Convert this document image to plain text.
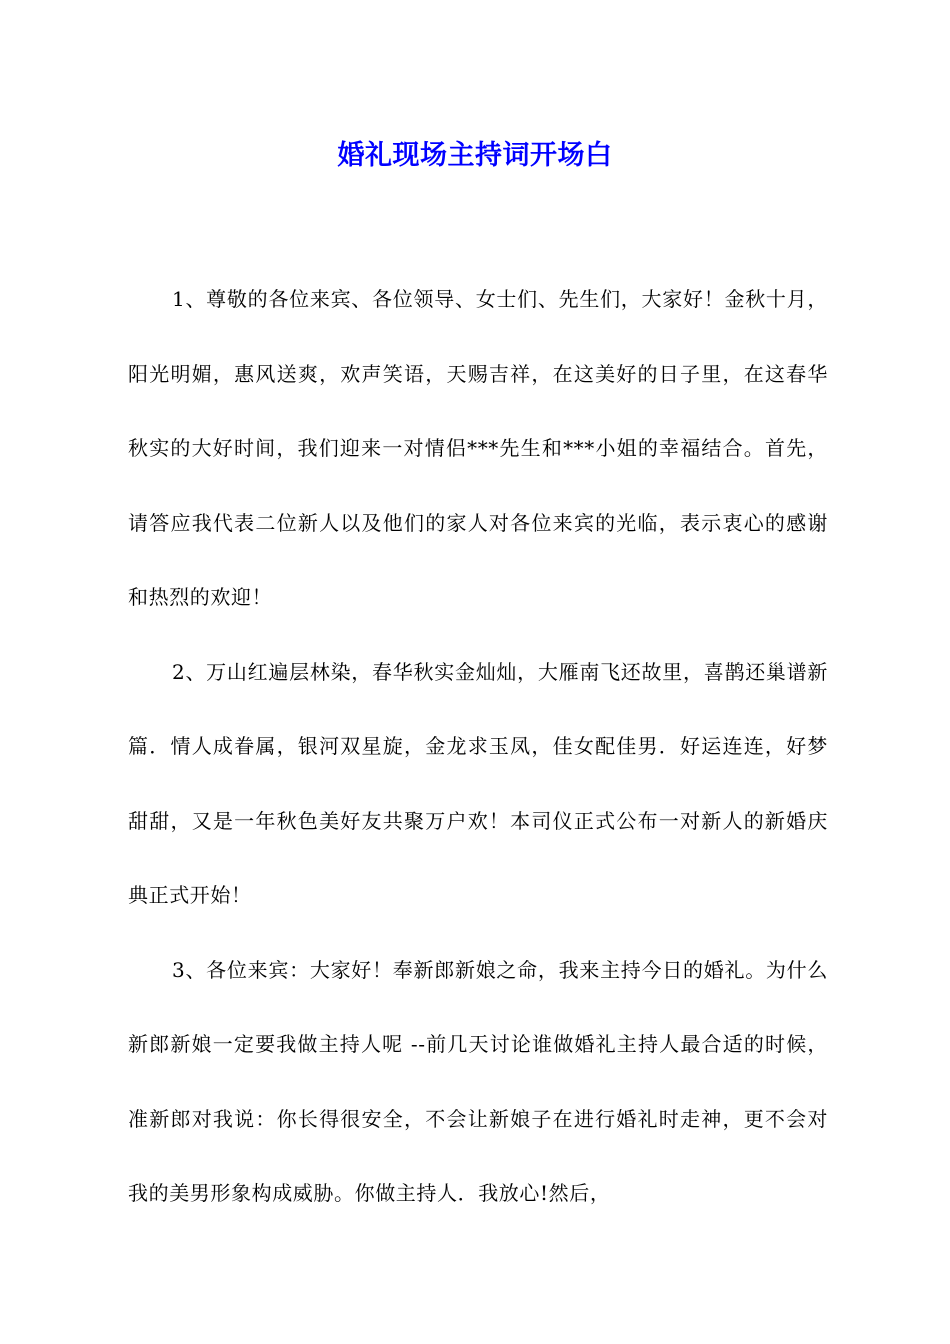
婚礼现场主持词开场白

1、尊敬的各位来宾、各位领导、女士们、先生们，大家好！金秋十月，阳光明媚，惠风送爽，欢声笑语，天赐吉祥，在这美好的日子里，在这春华秋实的大好时间，我们迎来一对情侣***先生和***小姐的幸福结合。首先，请答应我代表二位新人以及他们的家人对各位来宾的光临，表示衷心的感谢和热烈的欢迎！

2、万山红遍层林染，春华秋实金灿灿，大雁南飞还故里，喜鹊还巢谱新篇．情人成眷属，银河双星旋，金龙求玉凤，佳女配佳男．好运连连，好梦甜甜，又是一年秋色美好友共聚万户欢！本司仪正式公布一对新人的新婚庆典正式开始！

3、各位来宾：大家好！奉新郎新娘之命，我来主持今日的婚礼。为什么新郎新娘一定要我做主持人呢 --前几天讨论谁做婚礼主持人最合适的时候，准新郎对我说：你长得很安全，不会让新娘子在进行婚礼时走神，更不会对我的美男形象构成威胁。你做主持人．我放心!然后，
